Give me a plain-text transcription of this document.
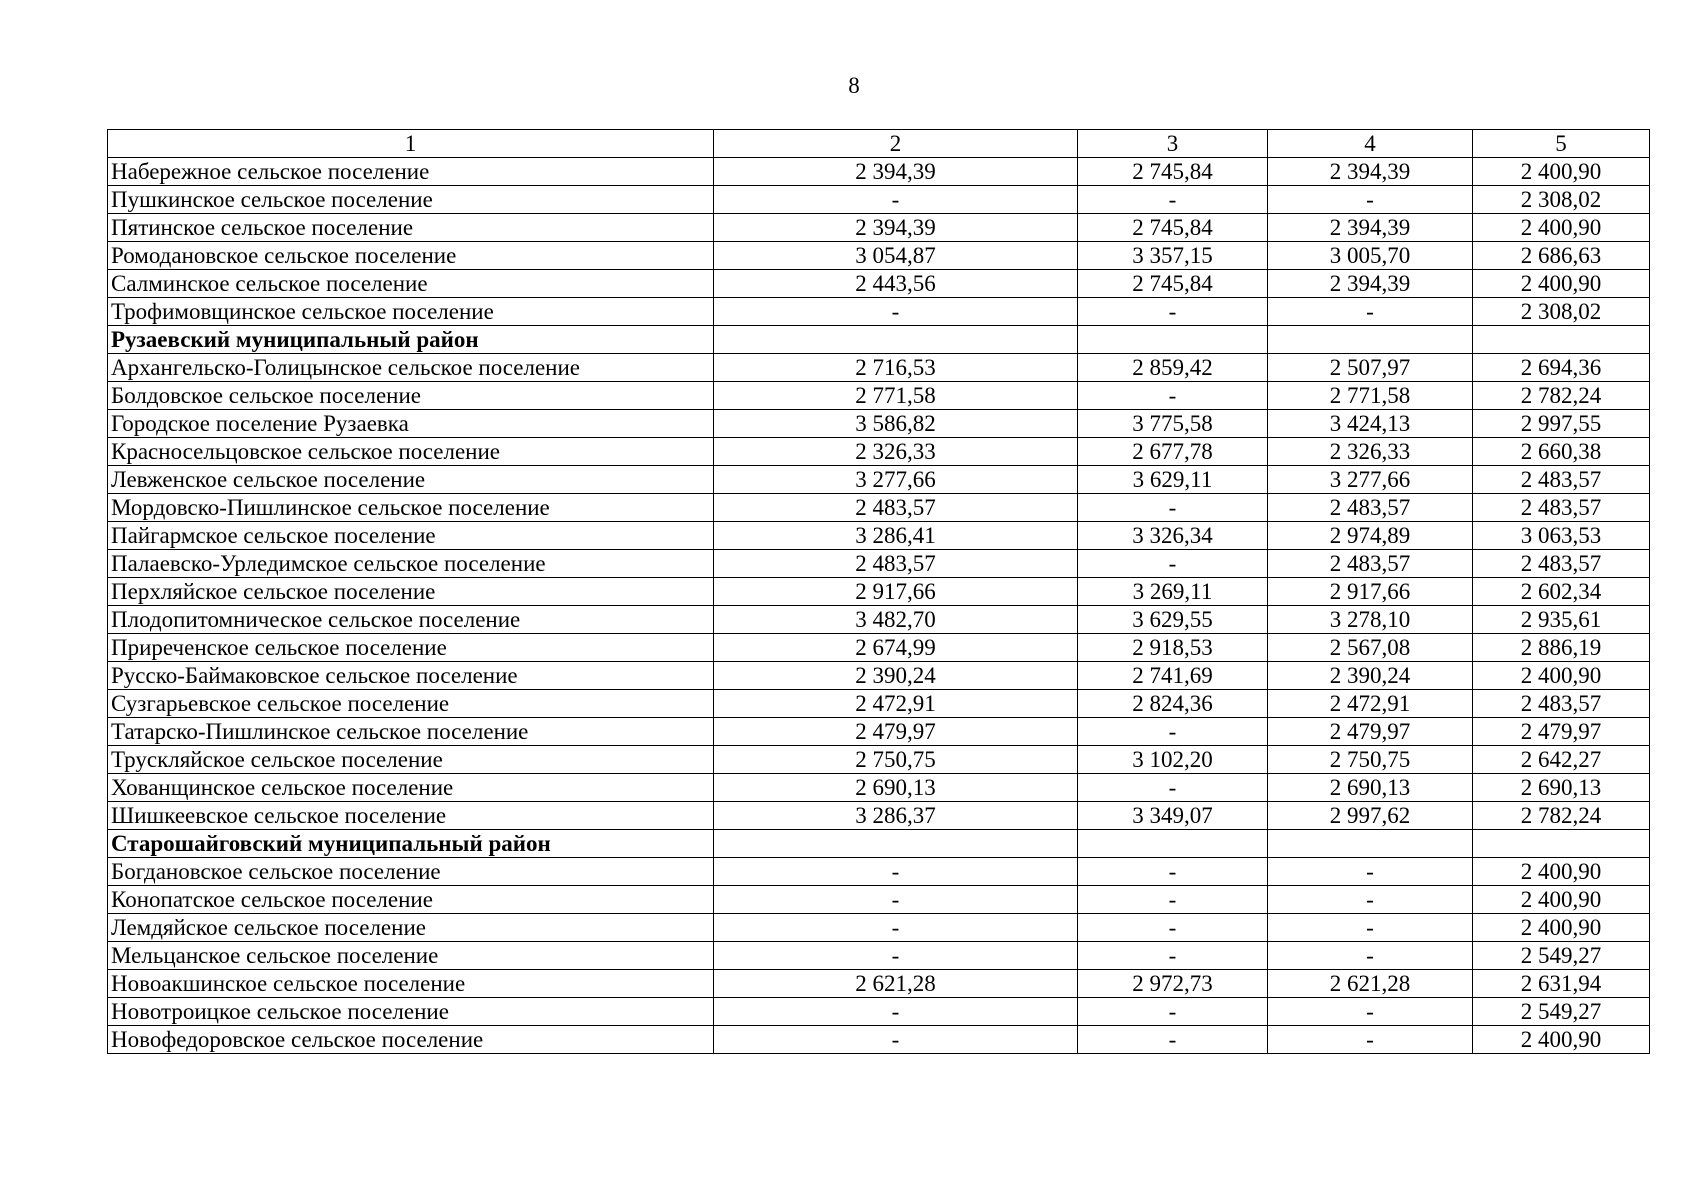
8
1	2	3	4	5
Набережное сельское поселение	2 394,39	2 745,84	2 394,39	2 400,90
Пушкинское сельское поселение	-	-	-	2 308,02
Пятинское сельское поселение	2 394,39	2 745,84	2 394,39	2 400,90
Ромодановское сельское поселение	3 054,87	3 357,15	3 005,70	2 686,63
Салминское сельское поселение	2 443,56	2 745,84	2 394,39	2 400,90
Трофимовщинское сельское поселение	-	-	-	2 308,02
Рузаевский муниципальный район				
Архангельско-Голицынское сельское поселение	2 716,53	2 859,42	2 507,97	2 694,36
Болдовское сельское поселение	2 771,58	-	2 771,58	2 782,24
Городское поселение Рузаевка	3 586,82	3 775,58	3 424,13	2 997,55
Красносельцовское сельское поселение	2 326,33	2 677,78	2 326,33	2 660,38
Левженское сельское поселение	3 277,66	3 629,11	3 277,66	2 483,57
Мордовско-Пишлинское сельское поселение	2 483,57	-	2 483,57	2 483,57
Пайгармское сельское поселение	3 286,41	3 326,34	2 974,89	3 063,53
Палаевско-Урледимское сельское поселение	2 483,57	-	2 483,57	2 483,57
Перхляйское сельское поселение	2 917,66	3 269,11	2 917,66	2 602,34
Плодопитомническое сельское поселение	3 482,70	3 629,55	3 278,10	2 935,61
Приреченское сельское поселение	2 674,99	2 918,53	2 567,08	2 886,19
Русско-Баймаковское сельское поселение	2 390,24	2 741,69	2 390,24	2 400,90
Сузгарьевское сельское поселение	2 472,91	2 824,36	2 472,91	2 483,57
Татарско-Пишлинское сельское поселение	2 479,97	-	2 479,97	2 479,97
Трускляйское сельское поселение	2 750,75	3 102,20	2 750,75	2 642,27
Хованщинское сельское поселение	2 690,13	-	2 690,13	2 690,13
Шишкеевское сельское поселение	3 286,37	3 349,07	2 997,62	2 782,24
Старошайговский муниципальный район				
Богдановское сельское поселение	-	-	-	2 400,90
Конопатское сельское поселение	-	-	-	2 400,90
Лемдяйское сельское поселение	-	-	-	2 400,90
Мельцанское сельское поселение	-	-	-	2 549,27
Новоакшинское сельское поселение	2 621,28	2 972,73	2 621,28	2 631,94
Новотроицкое сельское поселение	-	-	-	2 549,27
Новофедоровское сельское поселение	-	-	-	2 400,90
